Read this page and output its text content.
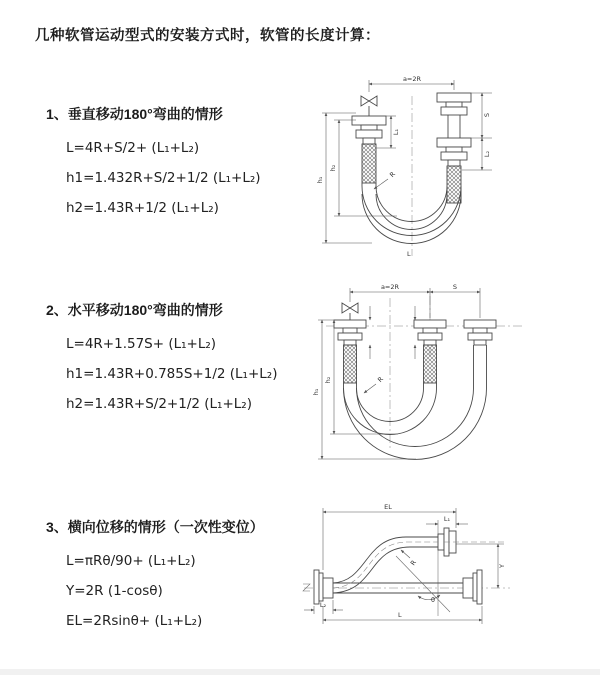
几种软管运动型式的安装方式时，软管的长度计算：
1、垂直移动180°弯曲的情形
L=4R+S/2+ (L₁+L₂)
h1=1.432R+S/2+1/2 (L₁+L₂)
h2=1.43R+1/2 (L₁+L₂)
2、水平移动180°弯曲的情形
L=4R+1.57S+ (L₁+L₂)
h1=1.43R+0.785S+1/2 (L₁+L₂)
h2=1.43R+S/2+1/2 (L₁+L₂)
3、横向位移的情形（一次性变位）
L=πRθ/90+ (L₁+L₂)
Y=2R (1-cosθ)
EL=2Rsinθ+ (L₁+L₂)
a=2R
h₁
h₂
L₁
S
L₂
R
L
a=2R	S
h₁
h₂	R
EL
L₁
Y
R
θ
L
L₂
